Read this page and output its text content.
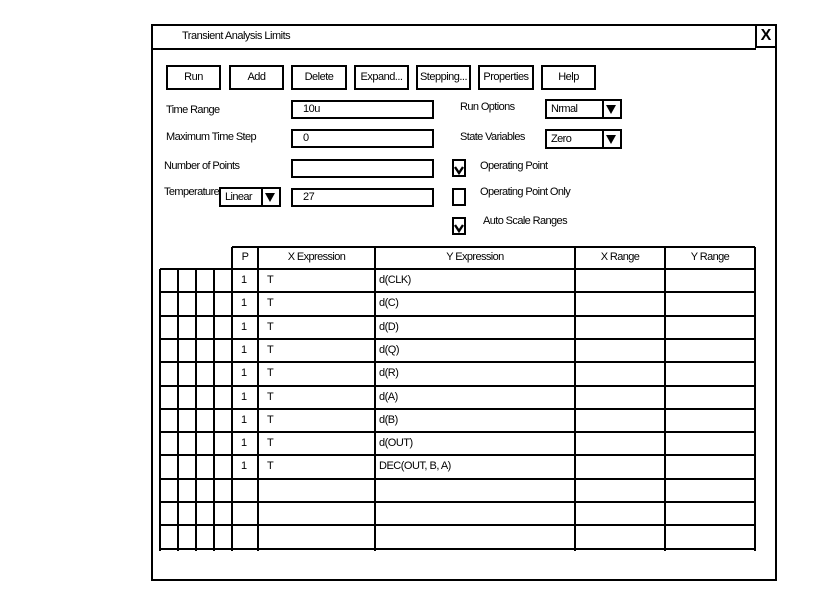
Transient Analysis Limits	X
Run	Add	Delete	Expand...	Stepping...	Properties	Help
Time Range	10u
Maximum Time Step	0
Number of Points
Temperature Linear	27
Run Options	Nrmal
State Variables	Zero
Operating Point
Operating Point Only
Auto Scale Ranges
P	X Expression	Y Expression	X Range	Y Range
1 T	d(CLK)
1 T	d(C)
1 T	d(D)
1 T	d(Q)
1 T	d(R)
1 T	d(A)
1 T	d(B)
1 T	d(OUT)
1 T	DEC(OUT, B, A)
